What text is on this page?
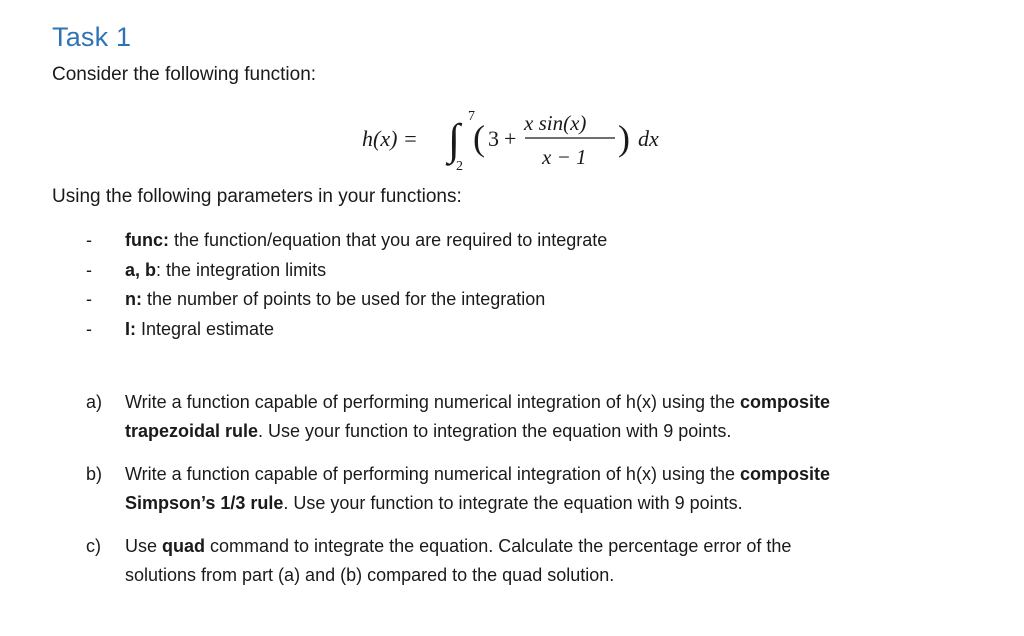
Task 1
Consider the following function:
h(x) = ∫ 7
2
( 3 +
x sin(x)
x − 1 ) dx
Using the following parameters in your functions:
-	func: the function/equation that you are required to integrate
-	a, b: the integration limits
-	n: the number of points to be used for the integration
-	I: Integral estimate
a)	Write a function capable of performing numerical integration of h(x) using the composite
trapezoidal rule. Use your function to integration the equation with 9 points.
b)	Write a function capable of performing numerical integration of h(x) using the composite
Simpson’s 1/3 rule. Use your function to integrate the equation with 9 points.
c)	Use quad command to integrate the equation. Calculate the percentage error of the
solutions from part (a) and (b) compared to the quad solution.
